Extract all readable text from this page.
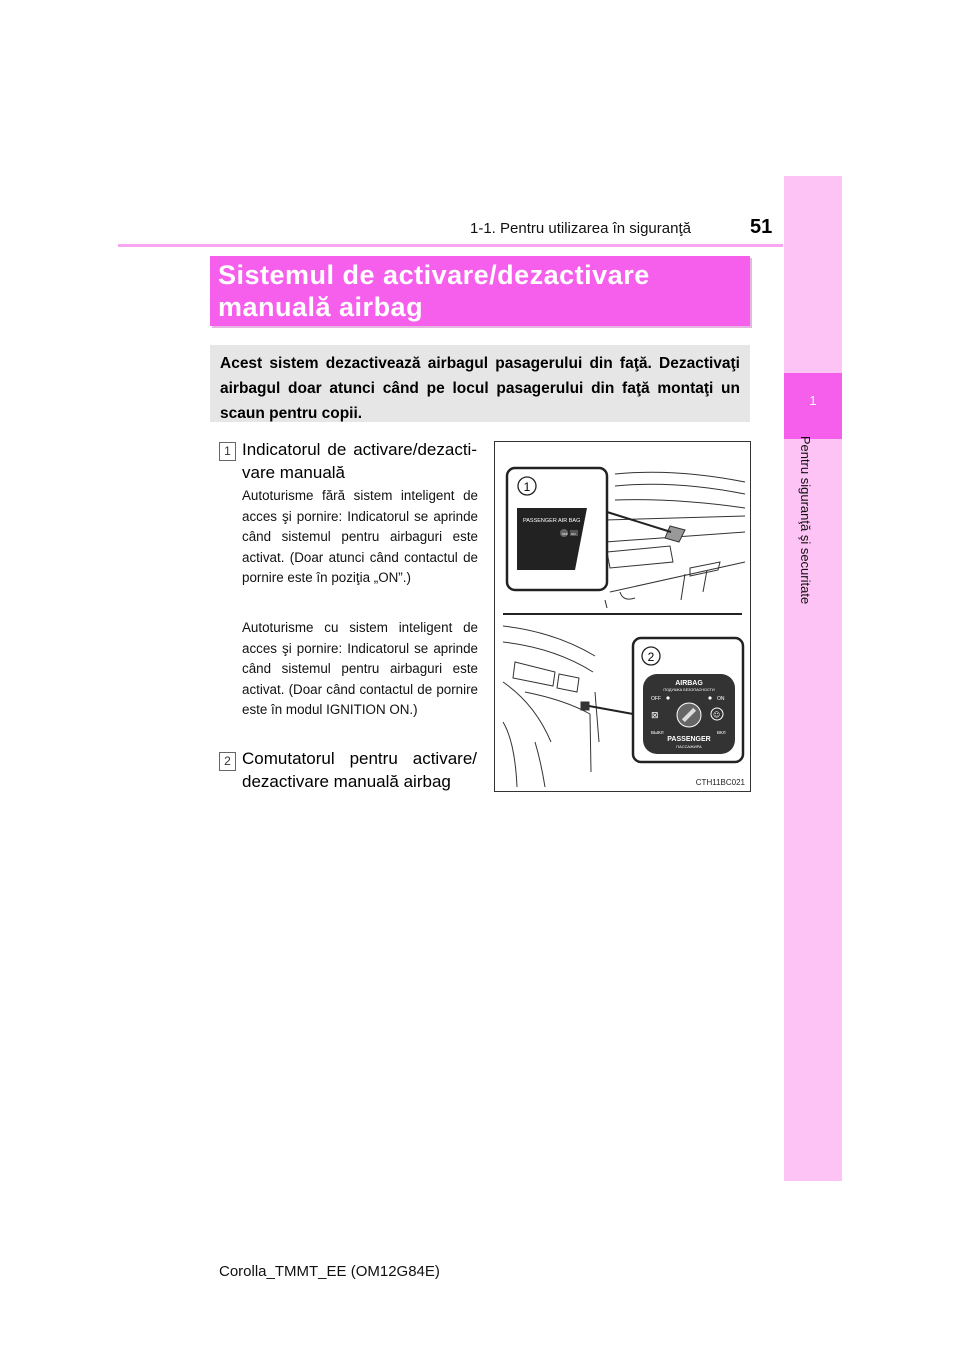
1-1. Pentru utilizarea în siguranţă	51
1
Pentru siguranţă şi securitate
Sistemul de activare/dezactivare
manuală airbag
Acest sistem dezactivează airbagul pasagerului din faţă. Dezactivaţi airbagul doar atunci când pe locul pasagerului din faţă montaţi un scaun pentru copii.
1 Indicatorul de activare/dezacti-vare manuală
Autoturisme fără sistem inteligent de acces şi pornire: Indicatorul se aprinde când sistemul pentru airbaguri este activat. (Doar atunci când contactul de pornire este în poziţia „ON”.)
Autoturisme cu sistem inteligent de acces şi pornire: Indicatorul se aprinde când sistemul pentru airbaguri este activat. (Doar când contactul de pornire este în modul IGNITION ON.)
2 Comutatorul pentru activare/ dezactivare manuală airbag
1
PASSENGER AIR BAG
OFF ON
2
AIRBAG
ПОДУШКА БЕЗОПАСНОСТИ
OFF	ON
⊠	☺
ВЫКЛ	ВКЛ
PASSENGER
ПАССАЖИРА
CTH11BC021
Corolla_TMMT_EE (OM12G84E)
